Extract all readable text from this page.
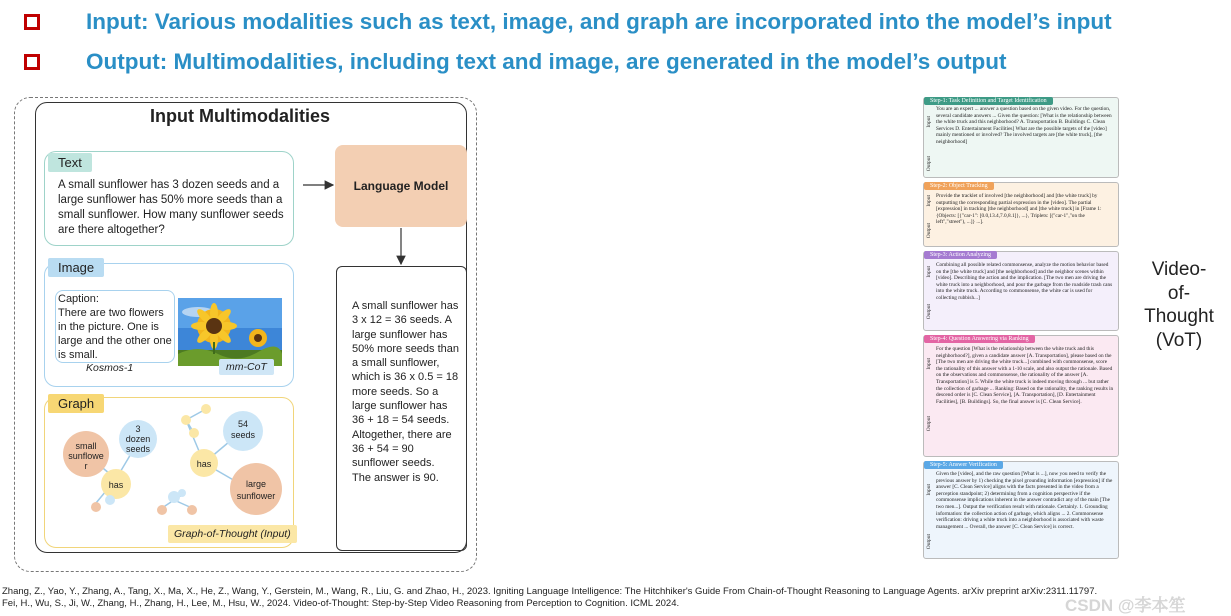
Input: Various modalities such as text, image, and graph are incorporated into the model’s input
Output: Multimodalities, including text and image, are generated in the model’s output
Input Multimodalities
Text
A small sunflower has 3 dozen seeds and a large sunflower has 50% more seeds than a small sunflower. How many sunflower seeds are there altogether?
Image
Caption:
There are two flowers in the picture. One is large and the other one is small.
Kosmos-1	mm-CoT
Graph
small
sunflowe
r
3
dozen
seeds
has
54
seeds
has
large
sunflower
Graph-of-Thought (Input)
Language Model
A small sunflower has 3 x 12 = 36 seeds. A large sunflower has 50% more seeds than a small sunflower, which is 36 x 0.5 = 18 more seeds. So a large sunflower has 36 + 18 = 54 seeds. Altogether, there are 36 + 54 = 90 sunflower seeds.
The answer is 90.
Step-1: Task Definition and Target Identification
Input
Output
You are an expert ... answer a question based on the given video. For the question, several candidate answers ... Given the question: [What is the relationship between the white truck and this neighborhood? A. Transportation B. Buildings C. Clean Services D. Entertainment Facilities] What are the possible targets of the [video] mainly mentioned or involved? The involved targets are [the white truck], [the neighborhood]
Step-2: Object Tracking
Input
Output
Provide the tracklet of involved [the neighborhood] and [the white truck] by outputting the corresponding partial expression in the [video]. The partial [expression] in tracking [the neighborhood] and [the white truck] in [Frame 1: {Objects: [{"car-1": [0.0,13.4,7.0,8.1]}, ...}, Triplets: [("car-1","on the left","street"), ...]} ...].
Step-3: Action Analyzing
Input
Output
Combining all possible related commonsense, analyze the motion behavior based on the [the white truck] and [the neighborhood] and the neighbor scenes within [video]. Describing the action and the implication. [The two men are driving the white truck into a neighborhood, and pour the garbage from the roadside trash cans into the white truck. According to commonsense, the white car is used for collecting rubbish...]
Step-4: Question Answering via Ranking
Input
Output
For the question [What is the relationship between the white truck and this neighborhood?], given a candidate answer [A. Transportation], please based on the [The two men are driving the white truck...] combined with commonsense, score the rationality of this answer with a 1-10 scale, and also output the rationale. Based on the observations and commonsense, the rationality of the answer [A. Transportation] is 5. While the white truck is indeed moving through ... but rather the collection of garbage ... Ranking: Based on the rationality, the ranking results in descend order is [C. Clean Service], [A. Transportation], [D. Entertainment Facilities], [B. Buildings]. So, the final answer is [C. Clean Service].
Step-5: Answer Verification
Input
Output
Given the [video], and the raw question [What is ...], now you need to verify the previous answer by 1) checking the pixel grounding information [expression] if the answer [C. Clean Service] aligns with the facts presented in the video from a perception standpoint; 2) determining from a cognition perspective if the commonsense implications inherent in the answer contradict any of the main [The two men...]. Output the verification result with rationale. Certainly. 1. Grounding information: the collection action of garbage, which aligns ... 2. Commonsense verification: driving a white truck into a neighborhood is associated with waste management ... Overall, the answer [C. Clean Service] is correct.
Video-
of-
Thought
(VoT)
Zhang, Z., Yao, Y., Zhang, A., Tang, X., Ma, X., He, Z., Wang, Y., Gerstein, M., Wang, R., Liu, G. and Zhao, H., 2023. Igniting Language Intelligence: The Hitchhiker's Guide From Chain-of-Thought Reasoning to Language Agents. arXiv preprint arXiv:2311.11797.
Fei, H., Wu, S., Ji, W., Zhang, H., Zhang, H., Lee, M., Hsu, W., 2024. Video-of-Thought: Step-by-Step Video Reasoning from Perception to Cognition. ICML 2024.	CSDN @李本笙
